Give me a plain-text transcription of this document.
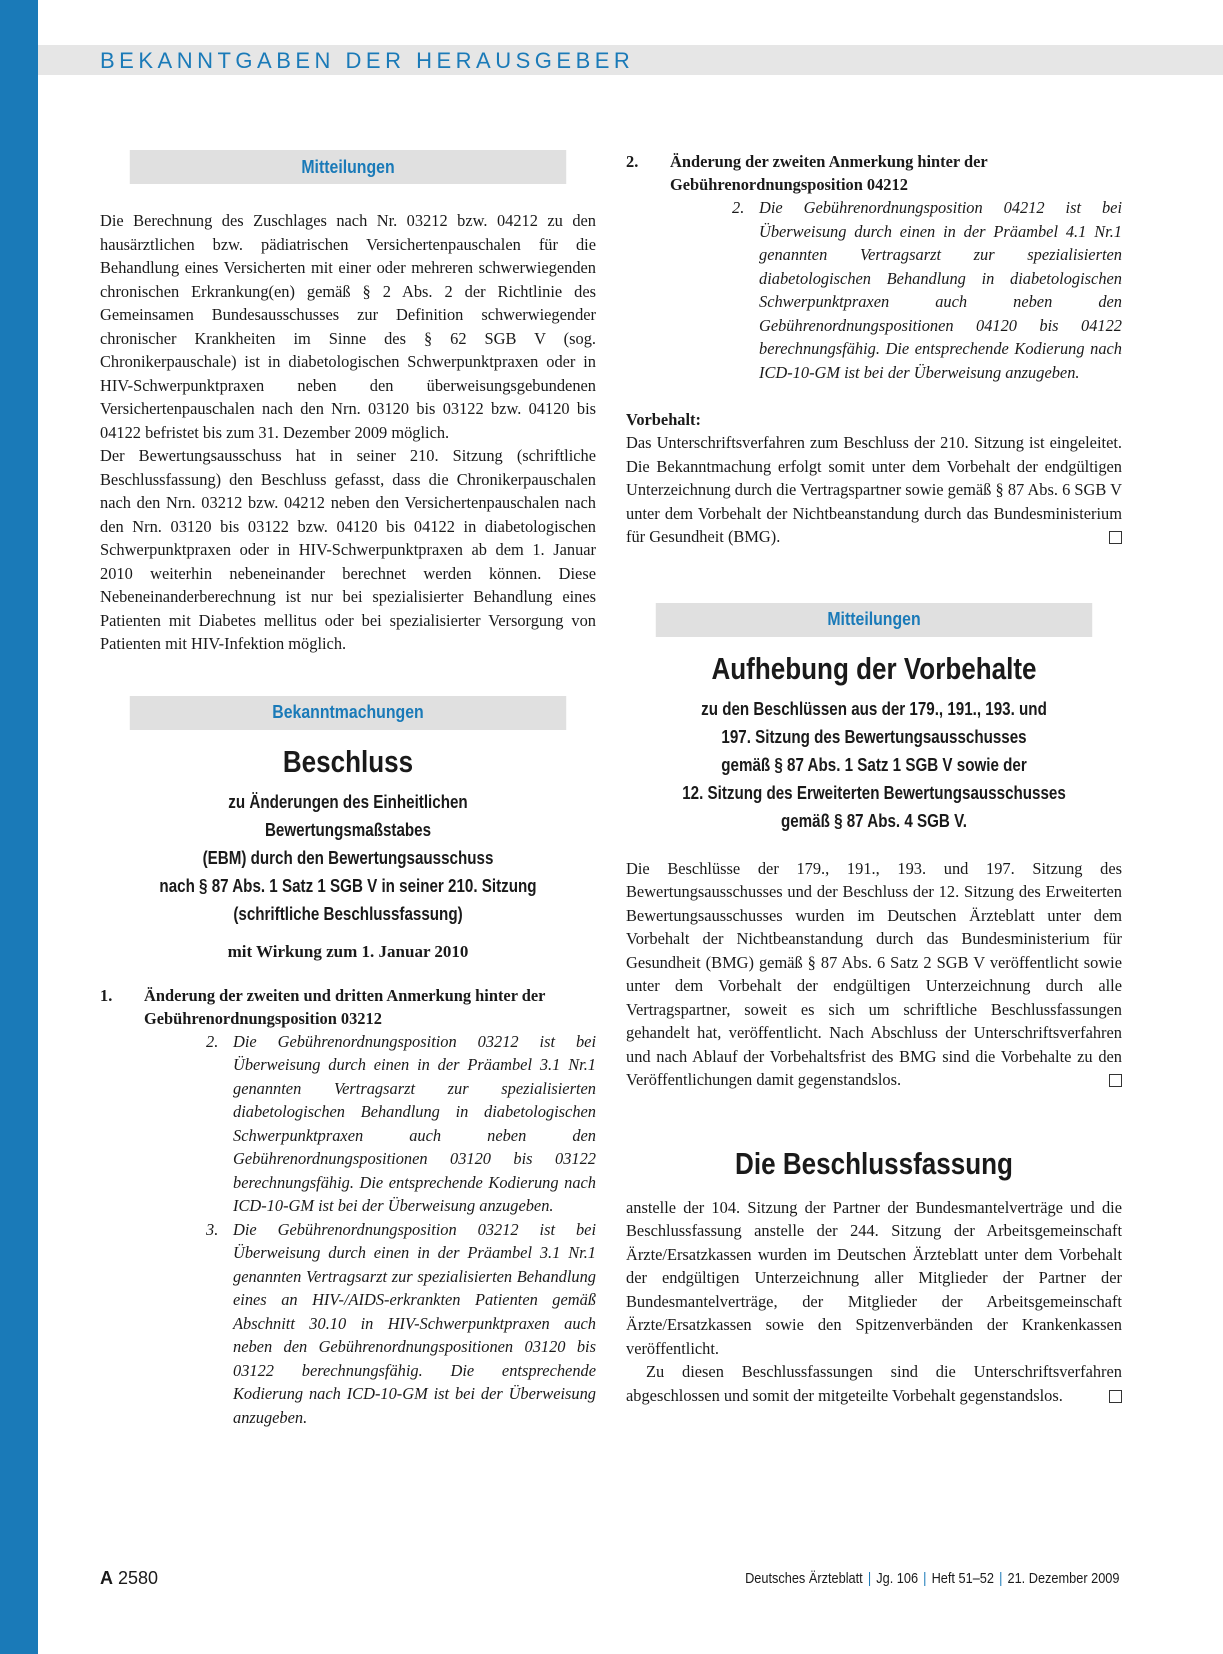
BEKANNTGABEN DER HERAUSGEBER
Mitteilungen

Die Berechnung des Zuschlages nach Nr. 03212 bzw. 04212 zu den hausärztlichen bzw. pädiatrischen Versichertenpauschalen für die Behandlung eines Versicherten mit einer oder mehreren schwerwiegenden chronischen Erkrankung(en) gemäß § 2 Abs. 2 der Richtlinie des Gemeinsamen Bundesausschusses zur Definition schwerwiegender chronischer Krankheiten im Sinne des § 62 SGB V (sog. Chronikerpauschale) ist in diabetologischen Schwerpunktpraxen oder in HIV-Schwerpunktpraxen neben den überweisungsgebundenen Versichertenpauschalen nach den Nrn. 03120 bis 03122 bzw. 04120 bis 04122 befristet bis zum 31. Dezember 2009 möglich.

Der Bewertungsausschuss hat in seiner 210. Sitzung (schriftliche Beschlussfassung) den Beschluss gefasst, dass die Chronikerpauschalen nach den Nrn. 03212 bzw. 04212 neben den Versichertenpauschalen nach den Nrn. 03120 bis 03122 bzw. 04120 bis 04122 in diabetologischen Schwerpunktpraxen oder in HIV-Schwerpunktpraxen ab dem 1. Januar 2010 weiterhin nebeneinander berechnet werden können. Diese Nebeneinanderberechnung ist nur bei spezialisierter Behandlung eines Patienten mit Diabetes mellitus oder bei spezialisierter Versorgung von Patienten mit HIV-Infektion möglich.

Bekanntmachungen

Beschluss

zu Änderungen des Einheitlichen Bewertungsmaßstabes

(EBM) durch den Bewertungsausschuss

nach § 87 Abs. 1 Satz 1 SGB V in seiner 210. Sitzung

(schriftliche Beschlussfassung)

mit Wirkung zum 1. Januar 2010

1.	Änderung der zweiten und dritten Anmerkung hinter der Gebührenordnungsposition 03212
2. Die Gebührenordnungsposition 03212 ist bei Überweisung durch einen in der Präambel 3.1 Nr.1 genannten Vertragsarzt zur spezialisierten diabetologischen Behandlung in diabetologischen Schwerpunktpraxen auch neben den Gebührenordnungspositionen 03120 bis 03122 berechnungsfähig. Die entsprechende Kodierung nach ICD-10-GM ist bei der Überweisung anzugeben.
3. Die Gebührenordnungsposition 03212 ist bei Überweisung durch einen in der Präambel 3.1 Nr.1 genannten Vertragsarzt zur spezialisierten Behandlung eines an HIV-/AIDS-erkrankten Patienten gemäß Abschnitt 30.10 in HIV-Schwerpunktpraxen auch neben den Gebührenordnungspositionen 03120 bis 03122 berechnungsfähig. Die entsprechende Kodierung nach ICD-10-GM ist bei der Überweisung anzugeben.
2.	Änderung der zweiten Anmerkung hinter der Gebührenordnungsposition 04212
2. Die Gebührenordnungsposition 04212 ist bei Überweisung durch einen in der Präambel 4.1 Nr.1 genannten Vertragsarzt zur spezialisierten diabetologischen Behandlung in diabetologischen Schwerpunktpraxen auch neben den Gebührenordnungspositionen 04120 bis 04122 berechnungsfähig. Die entsprechende Kodierung nach ICD-10-GM ist bei der Überweisung anzugeben.

Vorbehalt:

Das Unterschriftsverfahren zum Beschluss der 210. Sitzung ist eingeleitet. Die Bekanntmachung erfolgt somit unter dem Vorbehalt der endgültigen Unterzeichnung durch die Vertragspartner sowie gemäß § 87 Abs. 6 SGB V unter dem Vorbehalt der Nichtbeanstandung durch das Bundesministerium für Gesundheit (BMG).

Mitteilungen

Aufhebung der Vorbehalte

zu den Beschlüssen aus der 179., 191., 193. und

197. Sitzung des Bewertungsausschusses

gemäß § 87 Abs. 1 Satz 1 SGB V sowie der

12. Sitzung des Erweiterten Bewertungsausschusses

gemäß § 87 Abs. 4 SGB V.

Die Beschlüsse der 179., 191., 193. und 197. Sitzung des Bewertungsausschusses und der Beschluss der 12. Sitzung des Erweiterten Bewertungsausschusses wurden im Deutschen Ärzteblatt unter dem Vorbehalt der Nichtbeanstandung durch das Bundesministerium für Gesundheit (BMG) gemäß § 87 Abs. 6 Satz 2 SGB V veröffentlicht sowie unter dem Vorbehalt der endgültigen Unterzeichnung durch alle Vertragspartner, soweit es sich um schriftliche Beschlussfassungen gehandelt hat, veröffentlicht. Nach Abschluss der Unterschriftsverfahren und nach Ablauf der Vorbehaltsfrist des BMG sind die Vorbehalte zu den Veröffentlichungen damit gegenstandslos.

Die Beschlussfassung

anstelle der 104. Sitzung der Partner der Bundesmantelverträge und die Beschlussfassung anstelle der 244. Sitzung der Arbeitsgemeinschaft Ärzte/Ersatzkassen wurden im Deutschen Ärzteblatt unter dem Vorbehalt der endgültigen Unterzeichnung aller Mitglieder der Partner der Bundesmantelverträge, der Mitglieder der Arbeitsgemeinschaft Ärzte/Ersatzkassen sowie den Spitzenverbänden der Krankenkassen veröffentlicht.

Zu diesen Beschlussfassungen sind die Unterschriftsverfahren abgeschlossen und somit der mitgeteilte Vorbehalt gegenstandslos.

A 2580	Deutsches Ärzteblatt | Jg. 106 | Heft 51–52 | 21. Dezember 2009
